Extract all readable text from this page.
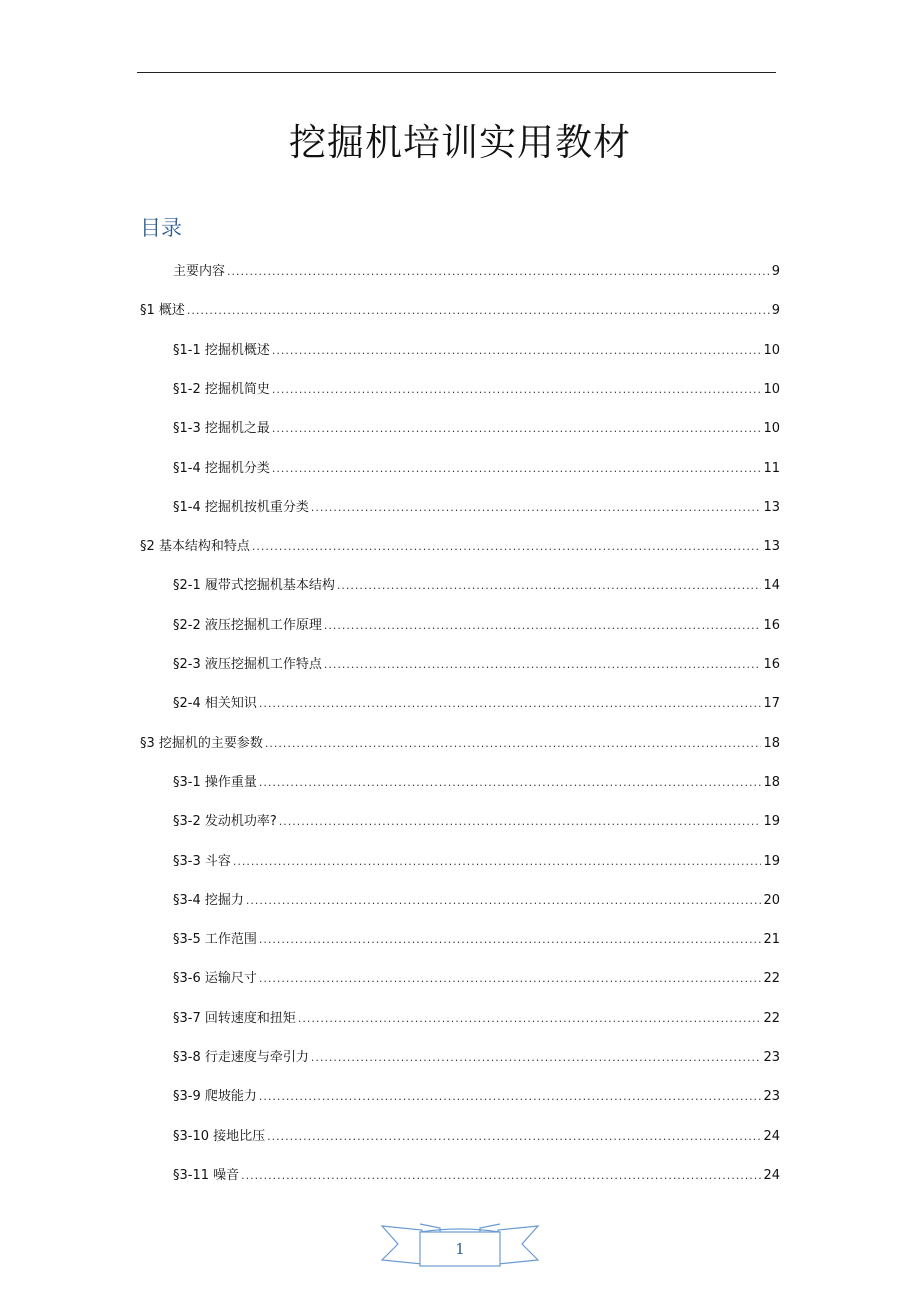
挖掘机培训实用教材
目录
主要内容 .....	9
§1 概述 .....	9
§1-1 挖掘机概述 .....	10
§1-2 挖掘机简史 .....	10
§1-3 挖掘机之最 .....	10
§1-4 挖掘机分类 .....	11
§1-4 挖掘机按机重分类 .....	13
§2 基本结构和特点 .....	13
§2-1 履带式挖掘机基本结构 .....	14
§2-2 液压挖掘机工作原理 .....	16
§2-3 液压挖掘机工作特点 .....	16
§2-4 相关知识 .....	17
§3 挖掘机的主要参数 .....	18
§3-1 操作重量 .....	18
§3-2 发动机功率? .....	19
§3-3 斗容 .....	19
§3-4 挖掘力 .....	20
§3-5 工作范围 .....	21
§3-6 运输尺寸 .....	22
§3-7 回转速度和扭矩 .....	22
§3-8 行走速度与牵引力 .....	23
§3-9 爬坡能力 .....	23
§3-10 接地比压 .....	24
§3-11 噪音 .....	24
1
